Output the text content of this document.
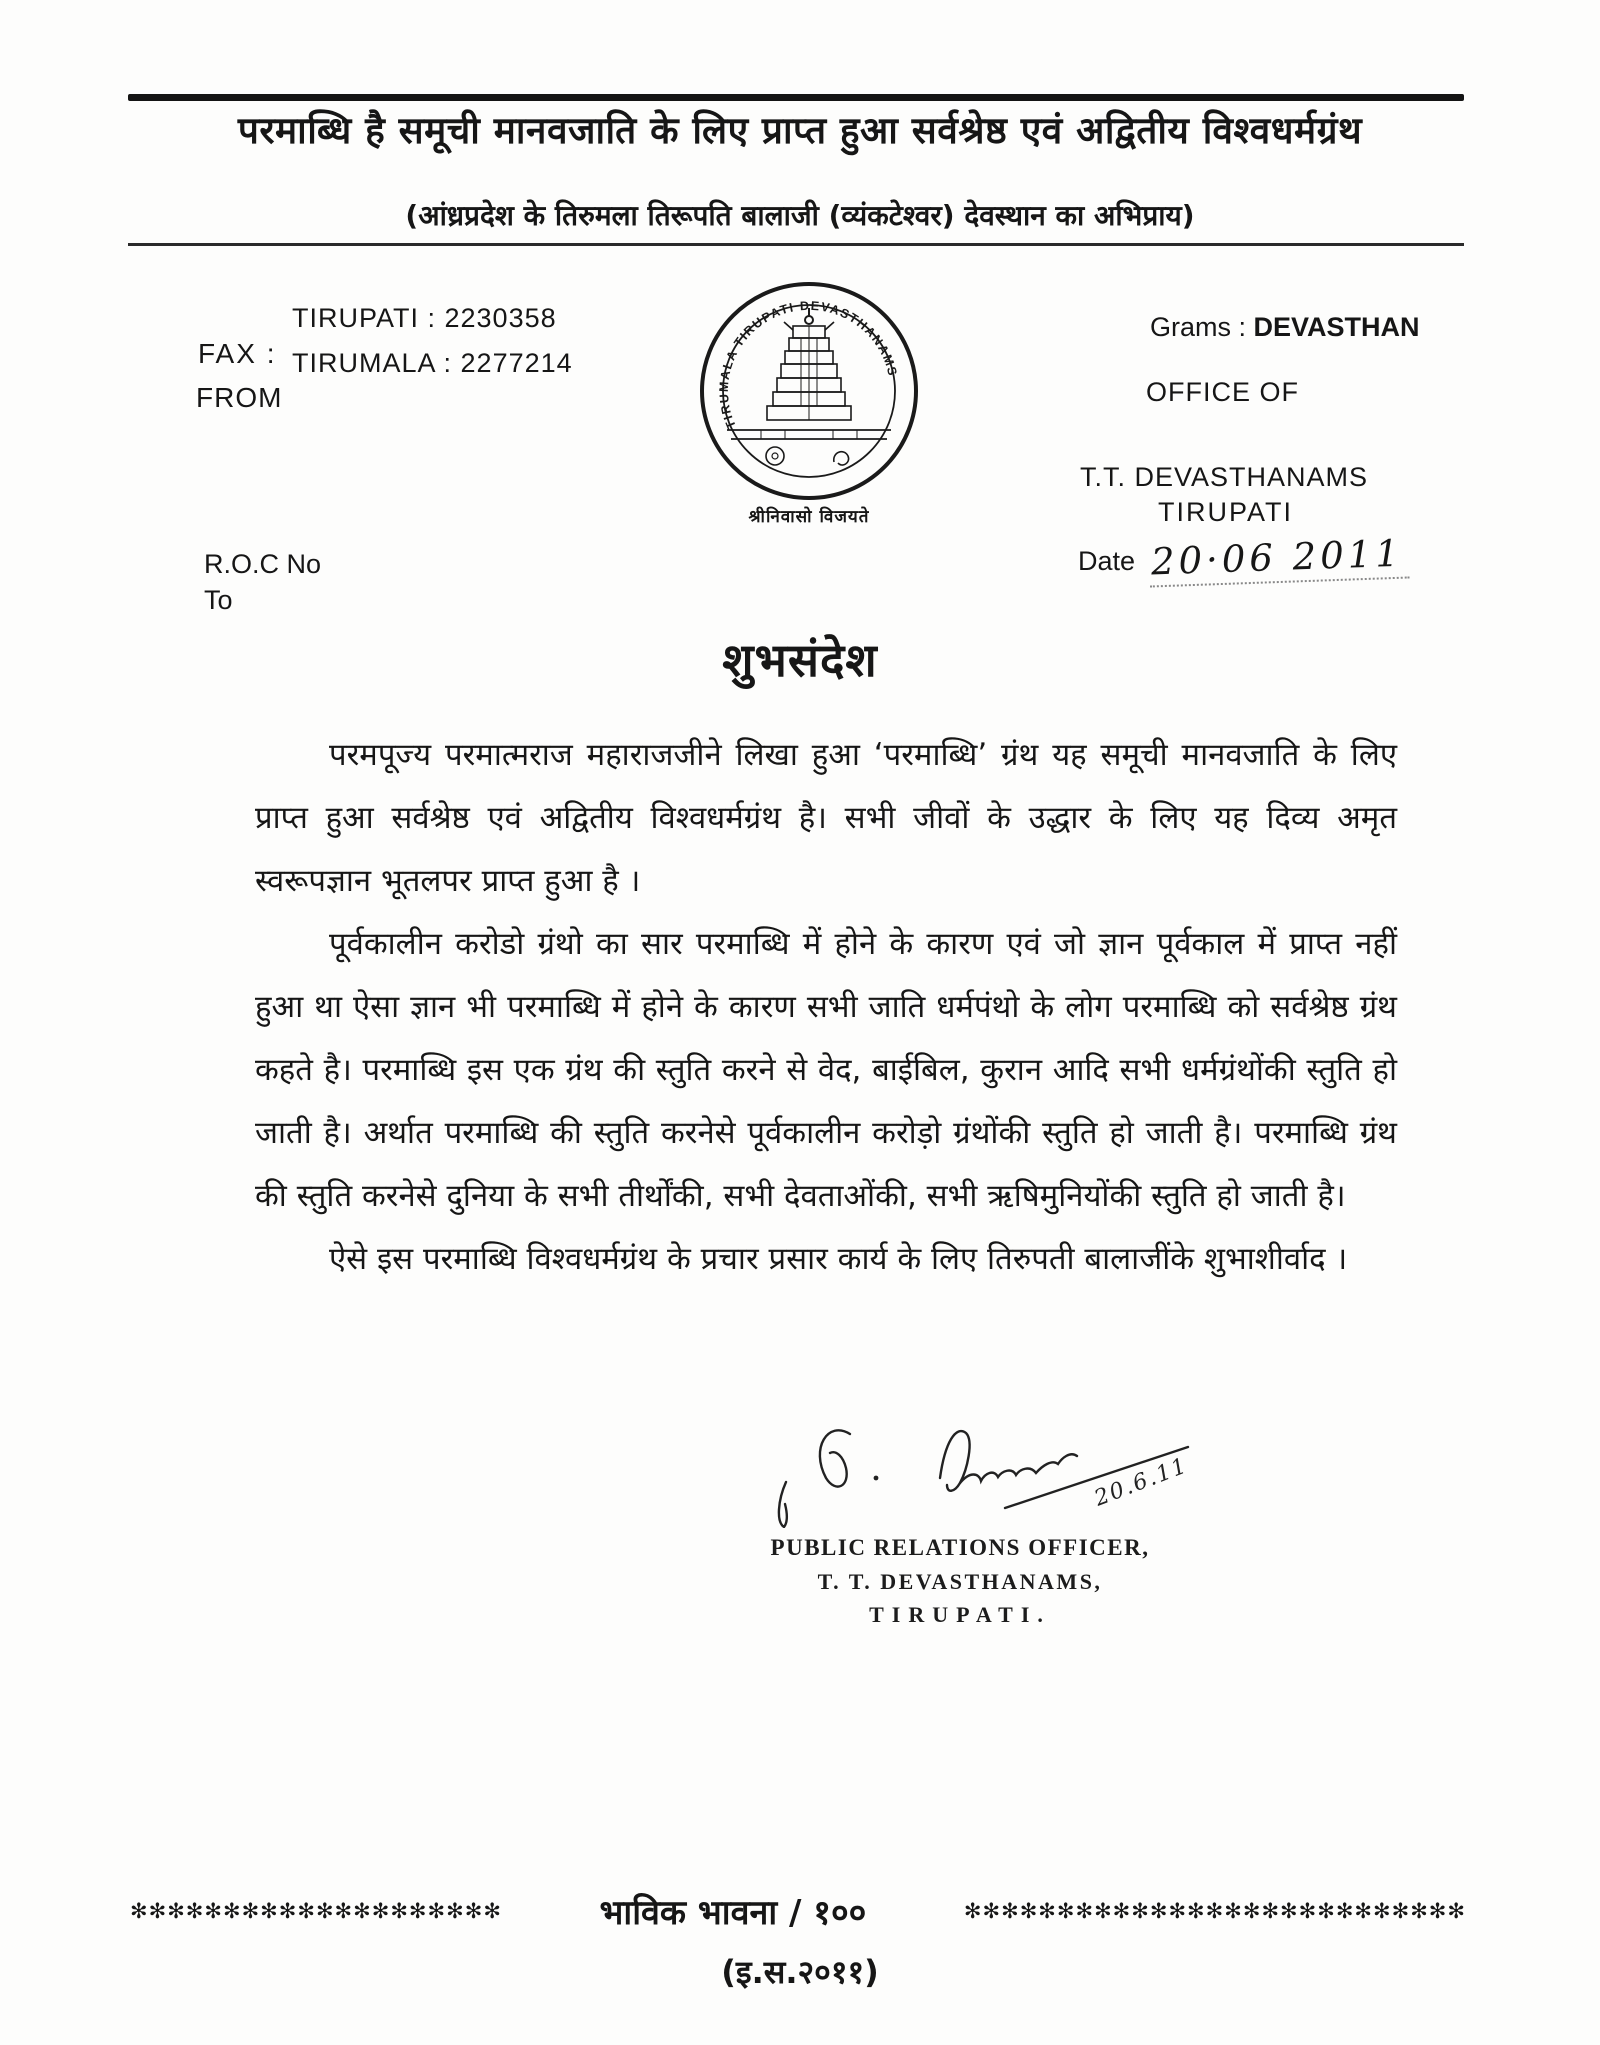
परमाब्धि है समूची मानवजाति के लिए प्राप्त हुआ सर्वश्रेष्ठ एवं अद्वितीय विश्वधर्मग्रंथ
(आंध्रप्रदेश के तिरुमला तिरूपति बालाजी (व्यंकटेश्वर) देवस्थान का अभिप्राय)
FAX :
TIRUPATI : 2230358
TIRUMALA : 2277214
FROM
Grams : DEVASTHAN
OFFICE OF
T.T. DEVASTHANAMS
TIRUPATI
Date 20·06 2011
R.O.C No
To
TIRUMALA TIRUPATI DEVASTHANAMS
श्रीनिवासो विजयते
शुभसंदेश

परमपूज्य परमात्मराज महाराजजीने लिखा हुआ ‘परमाब्धि’ ग्रंथ यह समूची मानवजाति के लिए प्राप्त हुआ सर्वश्रेष्ठ एवं अद्वितीय विश्वधर्मग्रंथ है। सभी जीवों के उद्धार के लिए यह दिव्य अमृत स्वरूपज्ञान भूतलपर प्राप्त हुआ है ।

पूर्वकालीन करोडो ग्रंथो का सार परमाब्धि में होने के कारण एवं जो ज्ञान पूर्वकाल में प्राप्त नहीं हुआ था ऐसा ज्ञान भी परमाब्धि में होने के कारण सभी जाति धर्मपंथो के लोग परमाब्धि को सर्वश्रेष्ठ ग्रंथ कहते है। परमाब्धि इस एक ग्रंथ की स्तुति करने से वेद, बाईबिल, कुरान आदि सभी धर्मग्रंथोंकी स्तुति हो जाती है। अर्थात परमाब्धि की स्तुति करनेसे पूर्वकालीन करोड़ो ग्रंथोंकी स्तुति हो जाती है। परमाब्धि ग्रंथ की स्तुति करनेसे दुनिया के सभी तीर्थोंकी, सभी देवताओंकी, सभी ऋषिमुनियोंकी स्तुति हो जाती है।

ऐसे इस परमाब्धि विश्वधर्मग्रंथ के प्रचार प्रसार कार्य के लिए तिरुपती बालाजींके शुभाशीर्वाद ।

20.6.11
PUBLIC RELATIONS OFFICER,
T. T. DEVASTHANAMS,
TIRUPATI.
✻✻✻✻✻✻✻✻✻✻✻✻✻✻✻✻✻✻✻✻	भाविक भावना / १००	✻✻✻✻✻✻✻✻✻✻✻✻✻✻✻✻✻✻✻✻✻✻✻✻✻✻✻
(इ.स.२०११)
